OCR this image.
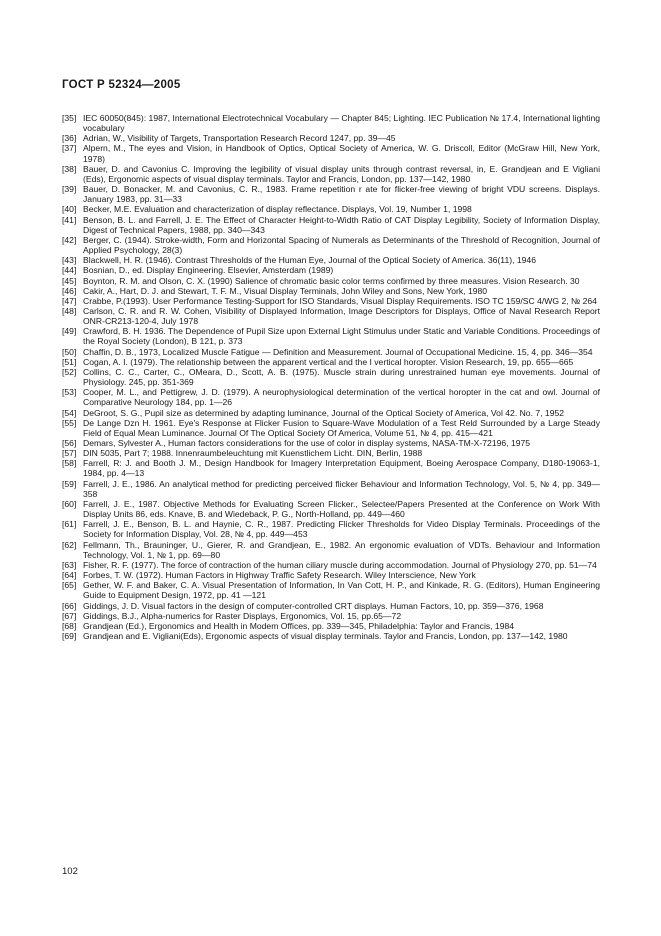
ГОСТ Р 52324—2005
[35] IEC 60050(845): 1987, International Electrotechnical Vocabulary — Chapter 845; Lighting. IEC Publication № 17.4, International lighting vocabulary
[36] Adrian, W., Visibility of Targets, Transportation Research Record 1247, pp. 39—45
[37] Alpern, M., The eyes and Vision, in Handbook of Optics, Optical Society of America, W. G. Driscoll, Editor (McGraw Hill, New York, 1978)
[38] Bauer, D. and Cavonius C. Improving the legibility of visual display units through contrast reversal, in, E. Grandjean and E Vigliani (Eds), Ergonomic aspects of visual display terminals. Taylor and Francis, London, pp. 137—142, 1980
[39] Bauer, D. Bonacker, M. and Cavonius, C. R., 1983. Frame repetition r ate for flicker-free viewing of bright VDU screens. Displays. January 1983, pp. 31—33
[40] Becker, M.E. Evaluation and characterization of display reflectance. Displays, Vol. 19, Number 1, 1998
[41] Benson, B. L. and Farrell, J. E. The Effect of Character Height-to-Width Ratio of CAT Display Legibility, Society of Information Display, Digest of Technical Papers, 1988, pp. 340—343
[42] Berger, C. (1944). Stroke-width, Form and Horizontal Spacing of Numerals as Determinants of the Threshold of Recognition, Journal of Applied Psychology, 28(3)
[43] Blackwell, H. R. (1946). Contrast Thresholds of the Human Eye, Journal of the Optical Society of America. 36(11), 1946
[44] Bosnian, D., ed. Display Engineering. Elsevier, Amsterdam (1989)
[45] Boynton, R. M. and Olson, C. X. (1990) Salience of chromatic basic color terms confirmed by three measures. Vision Research. 30
[46] Cakir, A., Hart, D. J. and Stewart, T. F. M., Visual Display Terminals, John Wiley and Sons, New York, 1980
[47] Crabbe, P.(1993). User Performance Testing-Support for ISO Standards, Visual Display Requirements. ISO TC 159/SC 4/WG 2, № 264
[48] Carlson, C. R. and R. W. Cohen, Visibility of Displayed Information, Image Descriptors for Displays, Office of Naval Research Report ONR-CR213-120-4, July 1978
[49] Crawford, B. H. 1936. The Dependence of Pupil Size upon External Light Stimulus under Static and Variable Conditions. Proceedings of the Royal Society (London), B 121, p. 373
[50] Chaffin, D. B., 1973, Localized Muscle Fatigue — Definition and Measurement. Journal of Occupational Medicine. 15, 4, pp. 346—354
[51] Cogan, A. I. (1979). The relationship between the apparent vertical and the I vertical horopter. Vision Research, 19, pp. 655—665
[52] Collins, C. C., Carter, C., OMeara, D., Scott, A. B. (1975). Muscle strain during unrestrained human eye movements. Journal of Physiology. 245, pp. 351-369
[53] Cooper, M. L., and Pettigrew, J. D. (1979). A neurophysiological determination of the vertical horopter in the cat and owl. Journal of Comparative Neurology 184, pp. 1—26
[54] DeGroot, S. G., Pupil size as determined by adapting luminance, Journal of the Optical Society of America, Vol 42. No. 7, 1952
[55] De Lange Dzn H. 1961. Eye's Response at Flicker Fusion to Square-Wave Modulation of a Test Reld Surrounded by a Large Steady Field of Equal Mean Luminance. Journal Of The Optical Society Of America, Volume 51, № 4, pp. 415—421
[56] Demars, Sylvester A., Human factors considerations for the use of color in display systems, NASA-TM-X-72196, 1975
[57] DIN 5035, Part 7; 1988. Innenraumbeleuchtung mit Kuenstlichem Licht. DIN, Berlin, 1988
[58] Farrell, R: J. and Booth J. M., Design Handbook for Imagery Interpretation Equipment, Boeing Aerospace Company, D180-19063-1, 1984, pp. 4—13
[59] Farrell, J. E., 1986. An analytical method for predicting perceived flicker Behaviour and Information Technology, Vol. 5, № 4, pp. 349—358
[60] Farrell, J. E., 1987. Objective Methods for Evaluating Screen Flicker., Selectee/Papers Presented at the Conference on Work With Display Units 86, eds. Knave, B. and Wiedeback, P. G., North-Holland, pp. 449—460
[61] Farrell, J. E., Benson, B. L. and Haynie, C. R., 1987. Predicting Flicker Thresholds for Video Display Terminals. Proceedings of the Society for Information Display, Vol. 28, № 4, pp. 449—453
[62] Fellmann, Th., Brauninger, U., Gierer, R. and Grandjean, E., 1982. An ergonomic evaluation of VDTs. Behaviour and Information Technology, Vol. 1, № 1, pp. 69—80
[63] Fisher, R. F. (1977). The force of contraction of the human ciliary muscle during accommodation. Journal of Physiology 270, pp. 51—74
[64] Forbes, T. W. (1972). Human Factors in Highway Traffic Safety Research. Wiley Interscience, New York
[65] Gether, W. F. and Baker, C. A. Visual Presentation of Information, In Van Cott, H. P., and Kinkade, R. G. (Editors), Human Engineering Guide to Equipment Design, 1972, pp. 41 —121
[66] Giddings, J. D. Visual factors in the design of computer-controlled CRT displays. Human Factors, 10, pp. 359—376, 1968
[67] Giddings, B.J., Alpha-numerics for Raster Displays, Ergonomics, Vol. 15, pp.65—72
[68] Grandjean (Ed.), Ergonomics and Health in Modem Offices, pp. 339—345, Philadelphia: Taylor and Francis, 1984
[69] Grandjean and E. Vigliani(Eds), Ergonomic aspects of visual display terminals. Taylor and Francis, London, pp. 137—142, 1980
102
